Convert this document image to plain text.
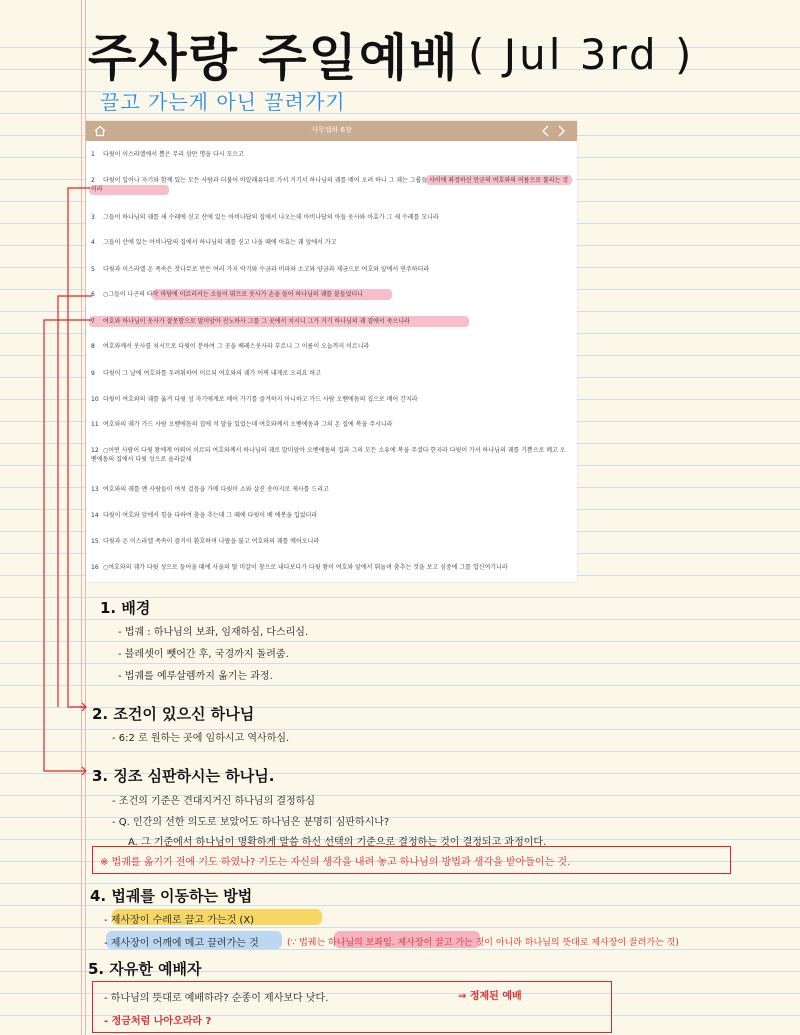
주사랑 주일예배 ( Jul 3rd )
끌고 가는게 아닌 끌려가기
사무엘하 6장
1 다윗이 이스라엘에서 뽑은 무리 삼만 명을 다시 모으고
2 다윗이 일어나 자기와 함께 있는 모든 사람과 더불어 바알레유다로 가서 거기서 하나님의 궤를 메어 오려 하니 그 궤는 그룹들 사이에 좌정하신 만군의 여호와의 이름으로 불리는 것이라
3 그들이 하나님의 궤를 새 수레에 싣고 산에 있는 아비나답의 집에서 나오는데 아비나답의 아들 웃사와 아효가 그 새 수레를 모니라
4 그들이 산에 있는 아비나답의 집에서 하나님의 궤를 싣고 나올 때에 아효는 궤 앞에서 가고
5 다윗과 이스라엘 온 족속은 잣나무로 만든 여러 가지 악기와 수금과 비파와 소고와 양금과 제금으로 여호와 앞에서 연주하더라
6 ○그들이 나곤의 타작 마당에 이르러서는 소들이 뛰므로 웃사가 손을 들어 하나님의 궤를 붙들었더니
7 여호와 하나님이 웃사가 잘못함으로 말미암아 진노하사 그를 그 곳에서 치시니 그가 거기 하나님의 궤 곁에서 죽으니라
8 여호와께서 웃사를 치시므로 다윗이 분하여 그 곳을 베레스웃사라 부르니 그 이름이 오늘까지 이르니라
9 다윗이 그 날에 여호와를 두려워하여 이르되 여호와의 궤가 어찌 내게로 오리요 하고
10 다윗이 여호와의 궤를 옮겨 다윗 성 자기에게로 메어 가기를 즐겨하지 아니하고 가드 사람 오벧에돔의 집으로 메어 간지라
11 여호와의 궤가 가드 사람 오벧에돔의 집에 석 달을 있었는데 여호와께서 오벧에돔과 그의 온 집에 복을 주시니라
12 ○어떤 사람이 다윗 왕에게 아뢰어 이르되 여호와께서 하나님의 궤로 말미암아 오벧에돔의 집과 그의 모든 소유에 복을 주셨다 한지라 다윗이 가서 하나님의 궤를 기쁨으로 메고 오벧에돔의 집에서 다윗 성으로 올라갈새
13 여호와의 궤를 멘 사람들이 여섯 걸음을 가매 다윗이 소와 살진 송아지로 제사를 드리고
14 다윗이 여호와 앞에서 힘을 다하여 춤을 추는데 그 때에 다윗이 베 에봇을 입었더라
15 다윗과 온 이스라엘 족속이 즐거이 환호하며 나팔을 불고 여호와의 궤를 메어오니라
16 ○여호와의 궤가 다윗 성으로 들어올 때에 사울의 딸 미갈이 창으로 내다보다가 다윗 왕이 여호와 앞에서 뛰놀며 춤추는 것을 보고 심중에 그를 업신여기니라
1. 배경
- 법궤 : 하나님의 보좌, 임재하심, 다스리심.
- 블레셋이 뺏어간 후, 국경까지 돌려줌.
- 법궤를 예루살렘까지 옮기는 과정.
2. 조건이 있으신 하나님
- 6:2 로 원하는 곳에 임하시고 역사하심.
3. 징조 심판하시는 하나님.
- 조건의 기준은 견대지거신 하나님의 결정하심
- Q. 인간의 선한 의도로 보았어도 하나님은 분명히 심판하시나?
A. 그 기준에서 하나님이 명확하게 말씀 하신 선택의 기준으로 결정하는 것이 결정되고 과정이다.
※ 법궤를 옮기기 전에 기도 하였나? 기도는 자신의 생각을 내려 놓고 하나님의 방법과 생각을 받아들이는 것.
4. 법궤를 이동하는 방법
- 제사장이 수레로 끌고 가는것 (X)
- 제사장이 어깨에 메고 끌려가는 것	(∵ 법궤는 하나님의 보좌임. 제사장이 끌고 가는 것이 아니라 하나님의 뜻대로 제사장이 끌려가는 것)
5. 자유한 예배자
- 하나님의 뜻대로 예배하라? 순종이 제사보다 낫다.	⇒ 정제된 예배
- 정금처럼 나아오라라 ?
